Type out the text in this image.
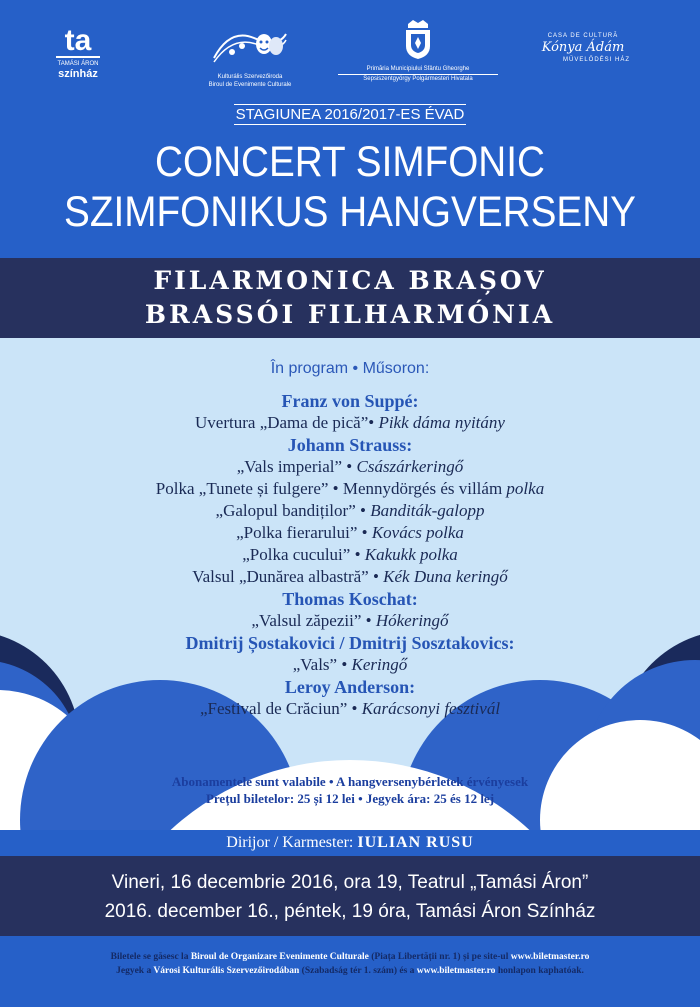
ta
TAMÁSI ÁRON
színház	Kulturális Szervezőiroda
Biroul de Evenimente Culturale
Primăria Municipiului Sfântu Gheorghe
Sepsiszentgyörgy Polgármesteri Hivatala
CASA DE CULTURĂ
Kónya Ádám
MŰVELŐDÉSI HÁZ
STAGIUNEA 2016/2017-ES ÉVAD
CONCERT SIMFONIC
SZIMFONIKUS HANGVERSENY
FILARMONICA BRAȘOV
BRASSÓI FILHARMÓNIA
În program • Műsoron:
Franz von Suppé:
Uvertura „Dama de pică”• Pikk dáma nyitány
Johann Strauss:
„Vals imperial” • Császárkeringő
Polka „Tunete și fulgere” • Mennydörgés és villám polka
„Galopul bandiților” • Banditák-galopp
„Polka fierarului” • Kovács polka
„Polka cucului” • Kakukk polka
Valsul „Dunărea albastră” • Kék Duna keringő
Thomas Koschat:
„Valsul zăpezii” • Hókeringő
Dmitrij Șostakovici / Dmitrij Sosztakovics:
„Vals” • Keringő
Leroy Anderson:
„Festival de Crăciun” • Karácsonyi fesztivál
Abonamentele sunt valabile • A hangversenybérletek érvényesek
Prețul biletelor: 25 și 12 lei • Jegyek ára: 25 és 12 lej
Dirijor / Karmester: IULIAN RUSU
Vineri, 16 decembrie 2016, ora 19, Teatrul „Tamási Áron”
2016. december 16., péntek, 19 óra, Tamási Áron Színház
Biletele se găsesc la Biroul de Organizare Evenimente Culturale (Piața Libertății nr. 1) și pe site-ul www.biletmaster.ro
Jegyek a Városi Kulturális Szervezőirodában (Szabadság tér 1. szám) és a www.biletmaster.ro honlapon kaphatóak.
